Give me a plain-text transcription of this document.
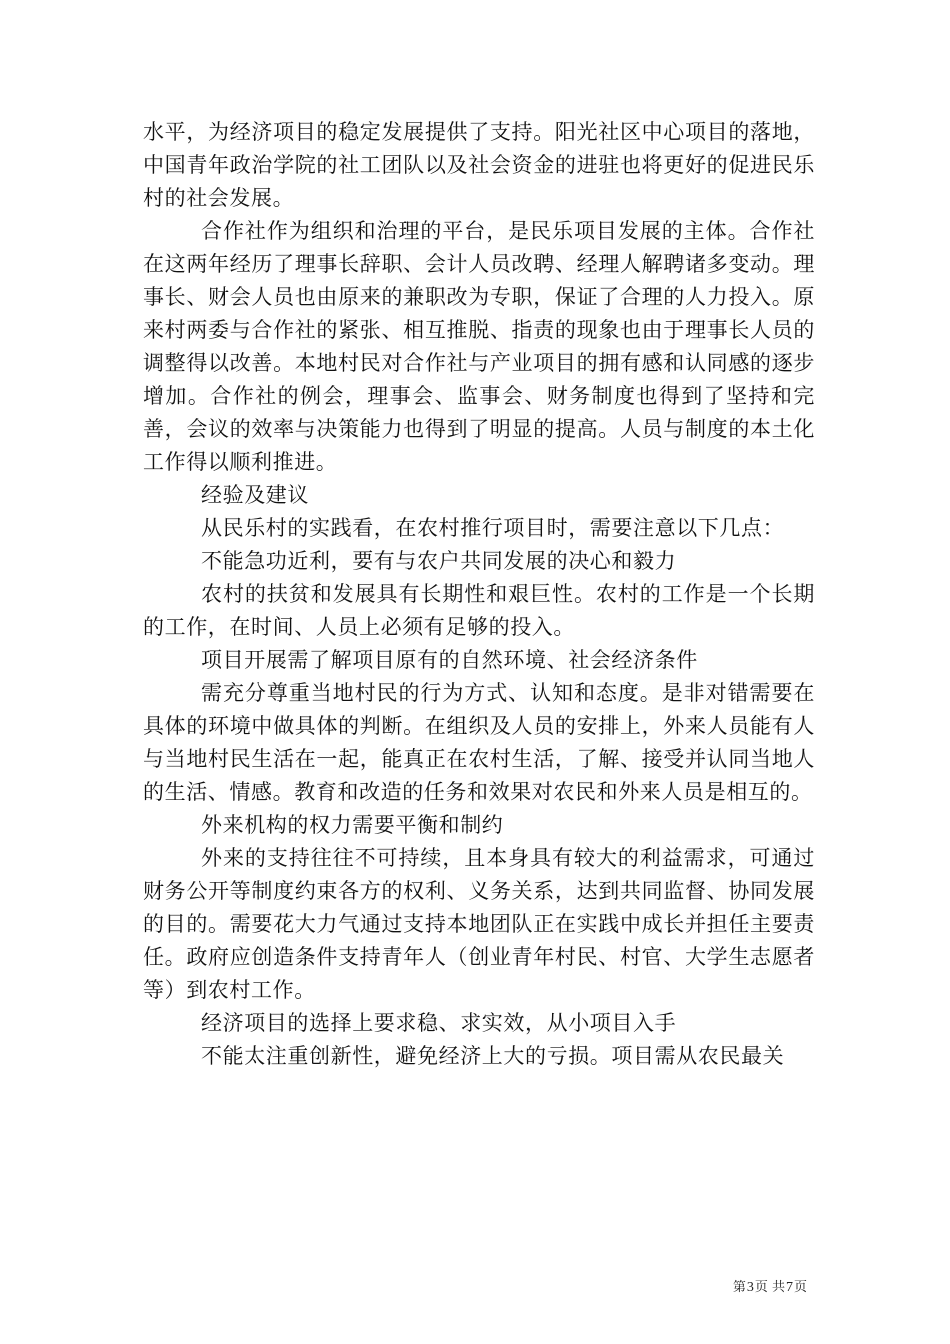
水平，为经济项目的稳定发展提供了支持。阳光社区中心项目的落地，中国青年政治学院的社工团队以及社会资金的进驻也将更好的促进民乐村的社会发展。

合作社作为组织和治理的平台，是民乐项目发展的主体。合作社在这两年经历了理事长辞职、会计人员改聘、经理人解聘诸多变动。理事长、财会人员也由原来的兼职改为专职，保证了合理的人力投入。原来村两委与合作社的紧张、相互推脱、指责的现象也由于理事长人员的调整得以改善。本地村民对合作社与产业项目的拥有感和认同感的逐步增加。合作社的例会，理事会、监事会、财务制度也得到了坚持和完善，会议的效率与决策能力也得到了明显的提高。人员与制度的本土化工作得以顺利推进。

经验及建议

从民乐村的实践看，在农村推行项目时，需要注意以下几点：

不能急功近利，要有与农户共同发展的决心和毅力

农村的扶贫和发展具有长期性和艰巨性。农村的工作是一个长期的工作，在时间、人员上必须有足够的投入。

项目开展需了解项目原有的自然环境、社会经济条件

需充分尊重当地村民的行为方式、认知和态度。是非对错需要在具体的环境中做具体的判断。在组织及人员的安排上，外来人员能有人与当地村民生活在一起，能真正在农村生活，了解、接受并认同当地人的生活、情感。教育和改造的任务和效果对农民和外来人员是相互的。

外来机构的权力需要平衡和制约

外来的支持往往不可持续，且本身具有较大的利益需求，可通过财务公开等制度约束各方的权利、义务关系，达到共同监督、协同发展的目的。需要花大力气通过支持本地团队正在实践中成长并担任主要责任。政府应创造条件支持青年人（创业青年村民、村官、大学生志愿者等）到农村工作。

经济项目的选择上要求稳、求实效，从小项目入手

不能太注重创新性，避免经济上大的亏损。项目需从农民最关

第3页 共7页
